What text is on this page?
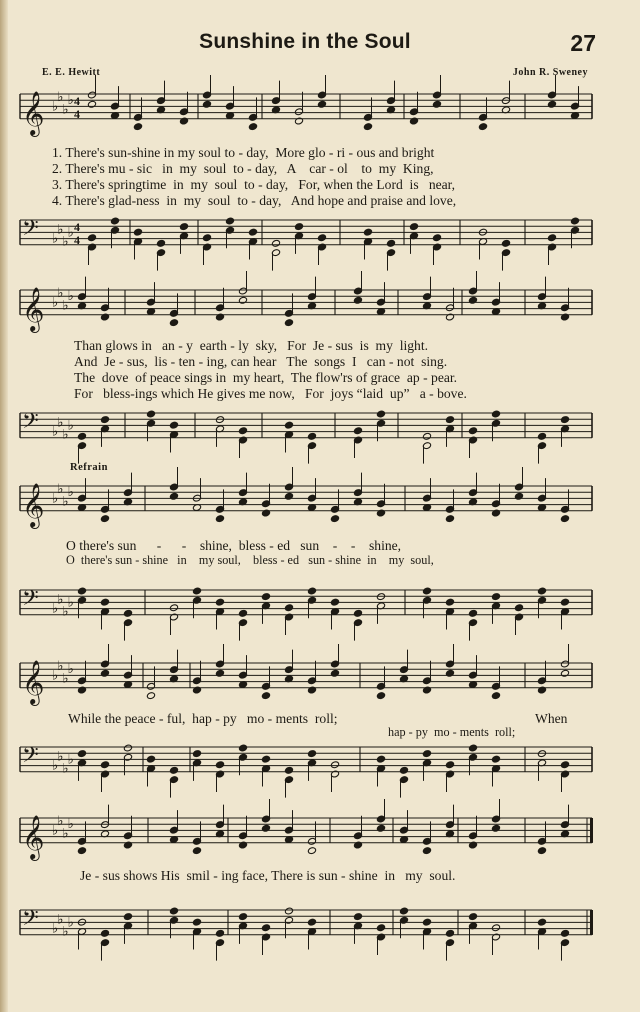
Sunshine in the Soul	27
E. E. Hewitt	John R. Sweney
1. There's sun-shine in my soul to - day,  More glo - ri - ous and bright
2. There's mu - sic   in  my  soul  to - day,   A    car - ol    to  my  King,
3. There's springtime  in  my  soul  to - day,   For, when the Lord  is   near,
4. There's glad-ness  in  my  soul  to - day,   And hope and praise and love,
Than glows in   an - y  earth - ly  sky,   For  Je - sus  is  my  light.
And  Je - sus,  lis - ten - ing, can hear   The  songs  I   can - not  sing.
The  dove  of peace sings in  my heart,  The flow'rs of grace  ap - pear.
For   bless-ings which He gives me now,   For  joys “laid  up”   a - bove.
Refrain
O there's sun      -      -    shine,  bless - ed   sun    -    -    shine,
O  there's sun - shine   in    my soul,    bless - ed   sun - shine  in    my  soul,
While the peace - ful,  hap - py   mo - ments  roll;
hap - py  mo - ments  roll;
When
Je - sus shows His  smil - ing face, There is sun - shine  in   my  soul.
𝄞 ♭
♭
♭
♭ 4
4
𝄢 ♭
♭
♭
♭ 4
4
𝄞 ♭
♭
♭
♭
𝄢 ♭
♭
♭
♭
𝄞 ♭
♭
♭
♭
𝄢 ♭
♭
♭
♭
𝄞 ♭
♭
♭
♭
𝄢 ♭
♭
♭
♭
𝄞 ♭
♭
♭
♭
𝄢 ♭
♭
♭
♭
